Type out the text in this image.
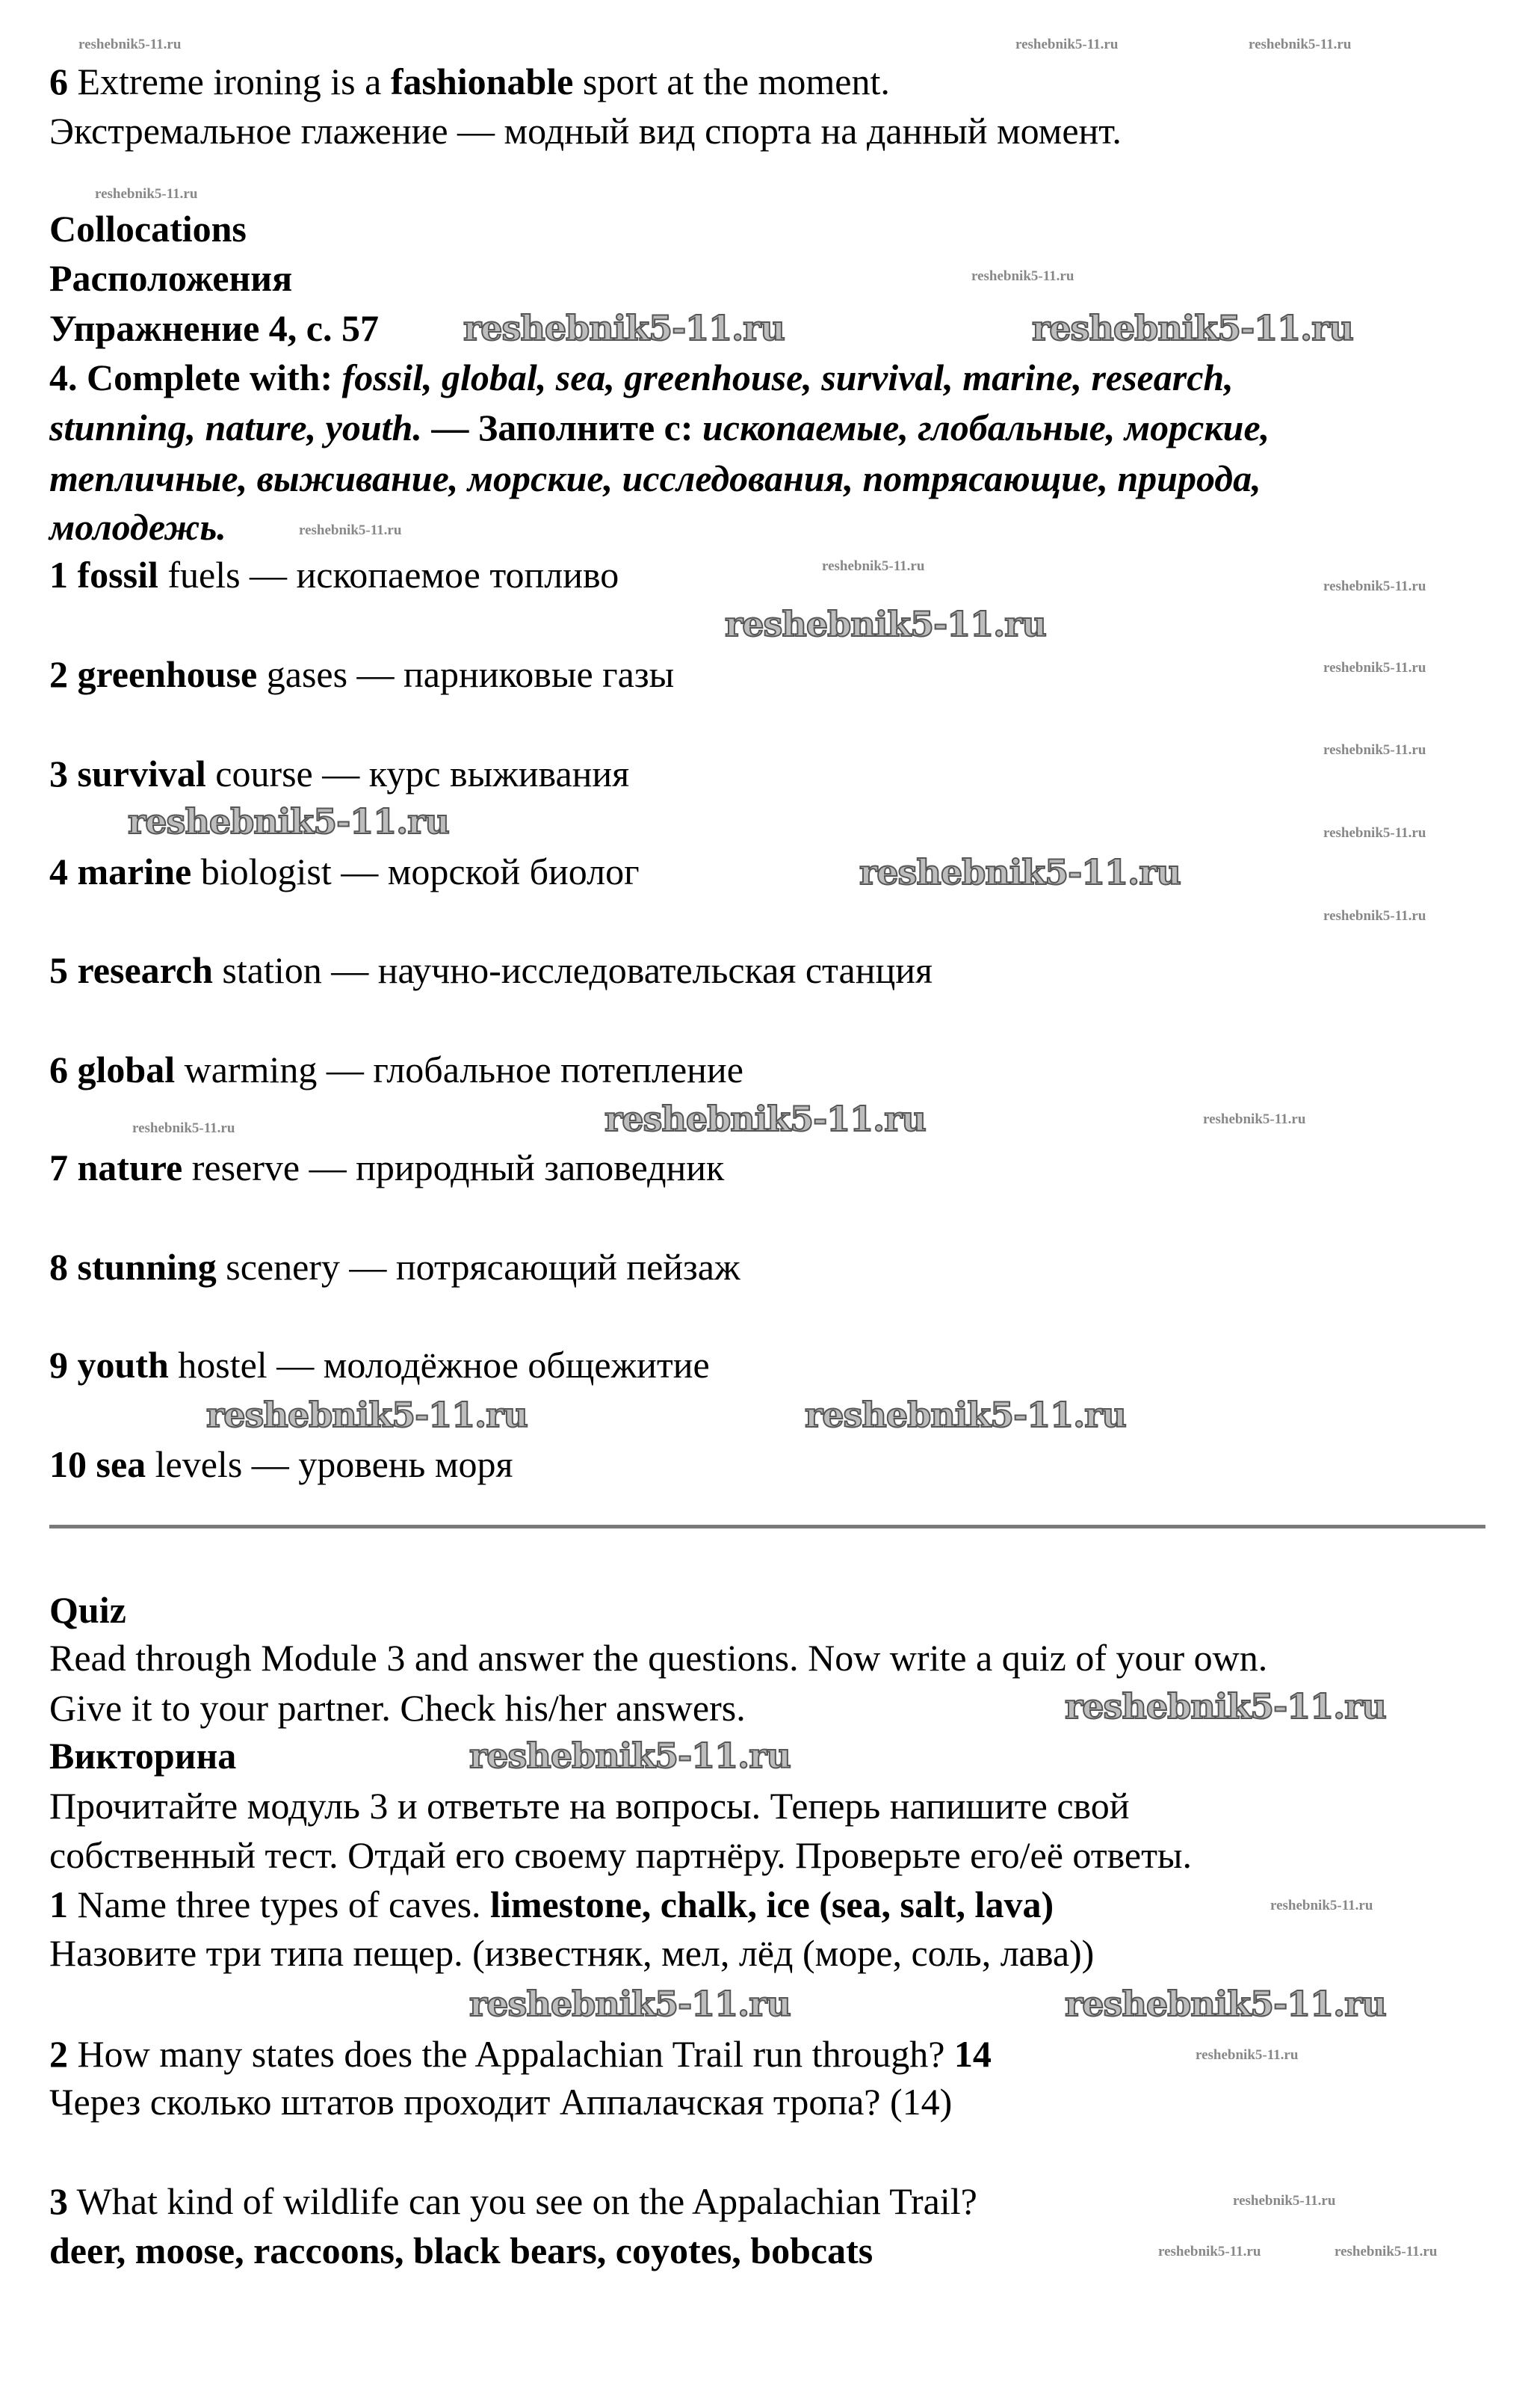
6 Extreme ironing is a fashionable sport at the moment.
Экстремальное глажение — модный вид спорта на данный момент.
Collocations
Расположения
Упражнение 4, с. 57
4. Complete with: fossil, global, sea, greenhouse, survival, marine, research,
stunning, nature, youth. — Заполните с: ископаемые, глобальные, морские,
тепличные, выживание, морские, исследования, потрясающие, природа,
молодежь.
1 fossil fuels — ископаемое топливо
2 greenhouse gases — парниковые газы
3 survival course — курс выживания
4 marine biologist — морской биолог
5 research station — научно-исследовательская станция
6 global warming — глобальное потепление
7 nature reserve — природный заповедник
8 stunning scenery — потрясающий пейзаж
9 youth hostel — молодёжное общежитие
10 sea levels — уровень моря
Quiz
Read through Module 3 and answer the questions. Now write a quiz of your own.
Give it to your partner. Check his/her answers.
Викторина
Прочитайте модуль 3 и ответьте на вопросы. Теперь напишите свой
собственный тест. Отдай его своему партнёру. Проверьте его/её ответы.
1 Name three types of caves. limestone, chalk, ice (sea, salt, lava)
Назовите три типа пещер. (известняк, мел, лёд (море, соль, лава))
2 How many states does the Appalachian Trail run through? 14
Через сколько штатов проходит Аппалачская тропа? (14)
3 What kind of wildlife can you see on the Appalachian Trail?
deer, moose, raccoons, black bears, coyotes, bobcats
reshebnik5-11.ru	reshebnik5-11.ru
reshebnik5-11.ru
reshebnik5-11.ru
reshebnik5-11.ru
reshebnik5-11.ru
reshebnik5-11.ru	reshebnik5-11.ru
reshebnik5-11.ru
reshebnik5-11.ru
reshebnik5-11.ru	reshebnik5-11.ru
reshebnik5-11.ru	reshebnik5-11.ru
reshebnik5-11.ru
reshebnik5-11.ru
reshebnik5-11.ru
reshebnik5-11.ru
reshebnik5-11.ru
reshebnik5-11.ru
reshebnik5-11.ru
reshebnik5-11.ru
reshebnik5-11.ru
reshebnik5-11.ru
reshebnik5-11.ru
reshebnik5-11.ru
reshebnik5-11.ru
reshebnik5-11.ru
reshebnik5-11.ru
reshebnik5-11.ru	reshebnik5-11.ru
